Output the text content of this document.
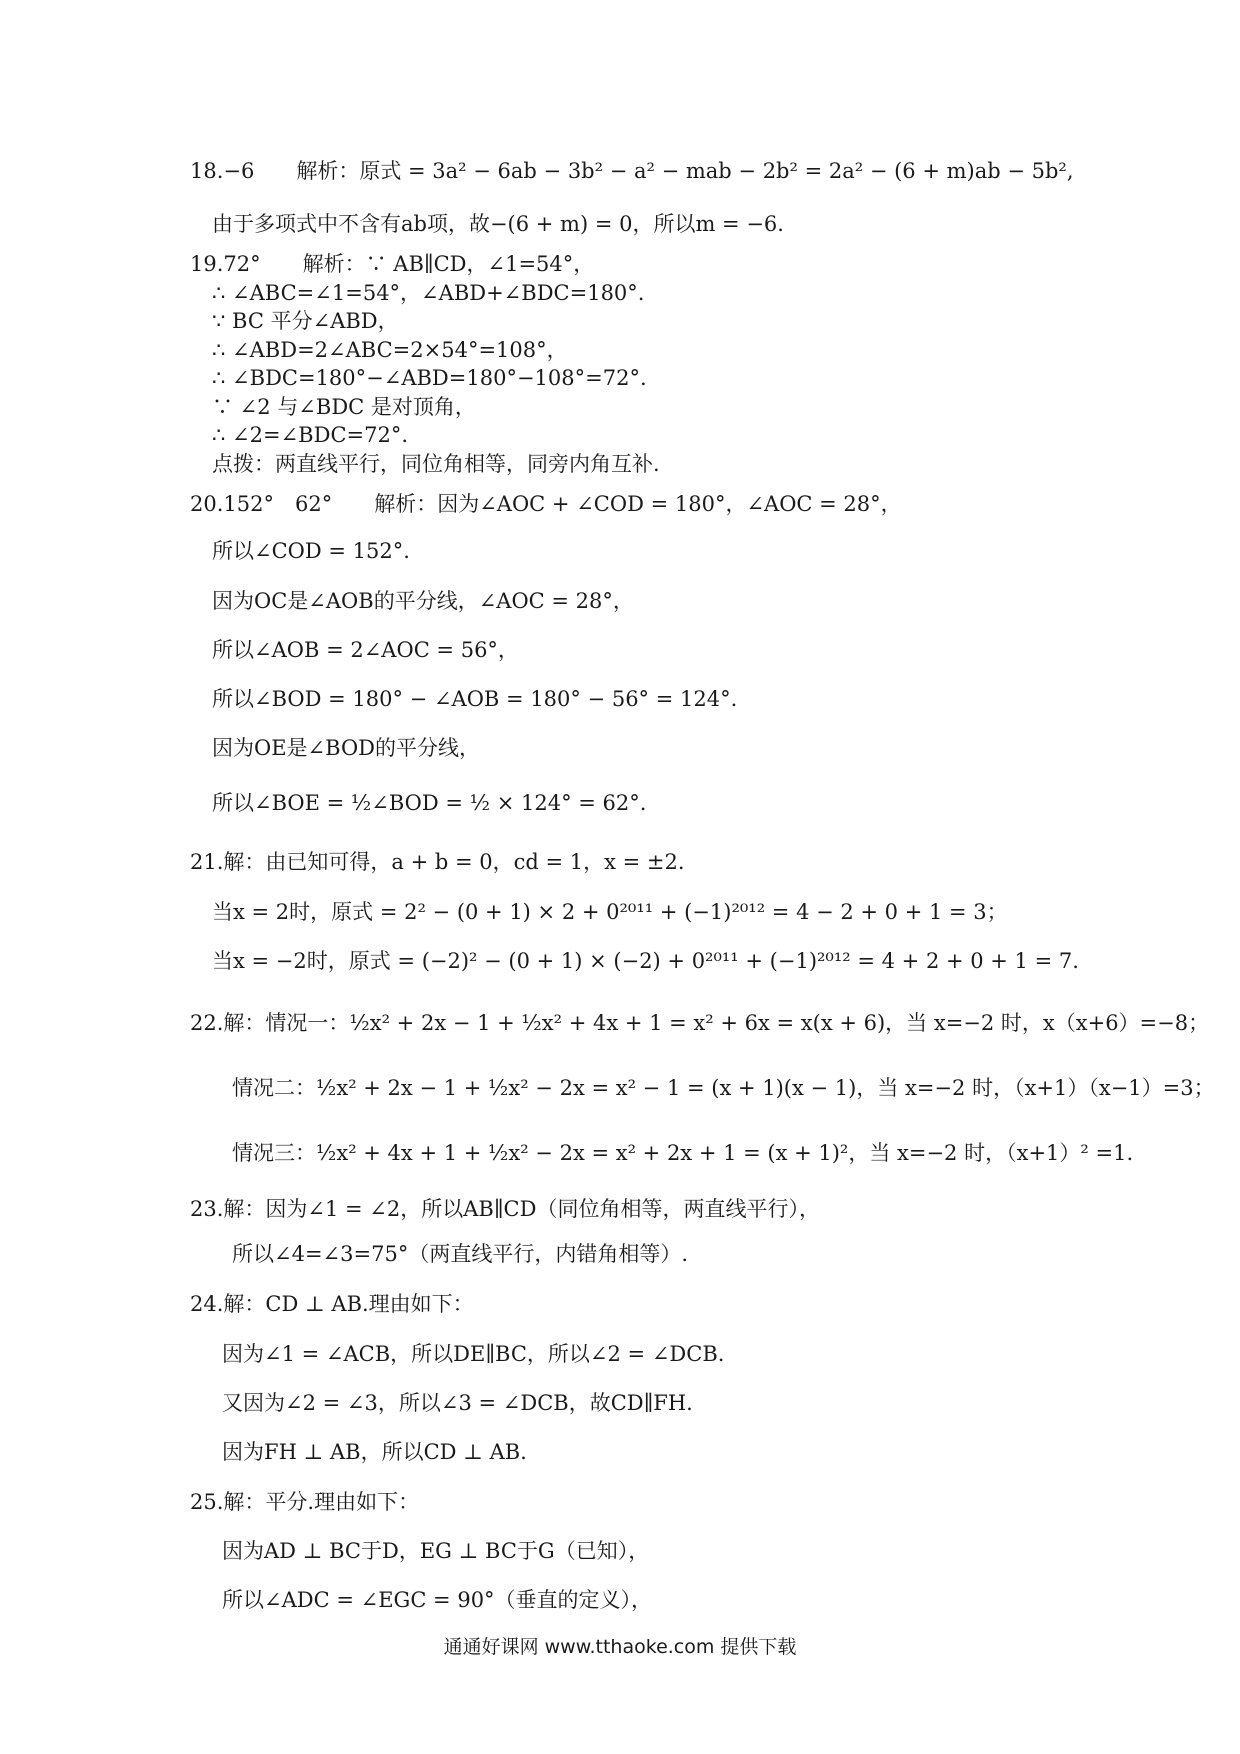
18.−6　　解析：原式 = 3a² − 6ab − 3b² − a² − mab − 2b² = 2a² − (6 + m)ab − 5b²,
由于多项式中不含有ab项，故−(6 + m) = 0，所以m = −6.
19.72°　　解析：∵ AB∥CD，∠1=54°，
∴ ∠ABC=∠1=54°，∠ABD+∠BDC=180°.
∵ BC 平分∠ABD，
∴ ∠ABD=2∠ABC=2×54°=108°，
∴ ∠BDC=180°−∠ABD=180°−108°=72°.
∵ ∠2 与∠BDC 是对顶角，
∴ ∠2=∠BDC=72°.
点拨：两直线平行，同位角相等，同旁内角互补.
20.152°　62°　　解析：因为∠AOC + ∠COD = 180°，∠AOC = 28°，
所以∠COD = 152°.
因为OC是∠AOB的平分线，∠AOC = 28°，
所以∠AOB = 2∠AOC = 56°，
所以∠BOD = 180° − ∠AOB = 180° − 56° = 124°.
因为OE是∠BOD的平分线，
所以∠BOE = ½∠BOD = ½ × 124° = 62°.
21.解：由已知可得，a + b = 0，cd = 1，x = ±2.
当x = 2时，原式 = 2² − (0 + 1) × 2 + 0²⁰¹¹ + (−1)²⁰¹² = 4 − 2 + 0 + 1 = 3；
当x = −2时，原式 = (−2)² − (0 + 1) × (−2) + 0²⁰¹¹ + (−1)²⁰¹² = 4 + 2 + 0 + 1 = 7.
22.解：情况一：½x² + 2x − 1 + ½x² + 4x + 1 = x² + 6x = x(x + 6)，当 x=−2 时，x（x+6）=−8；
情况二：½x² + 2x − 1 + ½x² − 2x = x² − 1 = (x + 1)(x − 1)，当 x=−2 时，（x+1）（x−1）=3；
情况三：½x² + 4x + 1 + ½x² − 2x = x² + 2x + 1 = (x + 1)²，当 x=−2 时，（x+1）² =1.
23.解：因为∠1 = ∠2，所以AB∥CD（同位角相等，两直线平行），
所以∠4=∠3=75°（两直线平行，内错角相等）.
24.解：CD ⊥ AB.理由如下：
因为∠1 = ∠ACB，所以DE∥BC，所以∠2 = ∠DCB.
又因为∠2 = ∠3，所以∠3 = ∠DCB，故CD∥FH.
因为FH ⊥ AB，所以CD ⊥ AB.
25.解：平分.理由如下：
因为AD ⊥ BC于D，EG ⊥ BC于G（已知），
所以∠ADC = ∠EGC = 90°（垂直的定义），
通通好课网 www.tthaoke.com 提供下载
